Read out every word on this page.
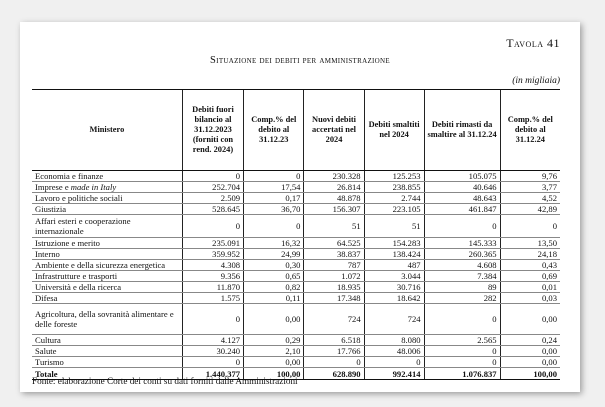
Tavola 41
Situazione dei debiti per amministrazione
(in migliaia)
Ministero	Debiti fuori bilancio al 31.12.2023 (forniti con rend. 2024)	Comp.% del debito al 31.12.23	Nuovi debiti accertati nel 2024	Debiti smaltiti nel 2024	Debiti rimasti da smaltire al 31.12.24	Comp.% del debito al 31.12.24
Economia e finanze	0	0	230.328	125.253	105.075	9,76
Imprese e made in Italy	252.704	17,54	26.814	238.855	40.646	3,77
Lavoro e politiche sociali	2.509	0,17	48.878	2.744	48.643	4,52
Giustizia	528.645	36,70	156.307	223.105	461.847	42,89
Affari esteri e cooperazione internazionale	0	0	51	51	0	0
Istruzione e merito	235.091	16,32	64.525	154.283	145.333	13,50
Interno	359.952	24,99	38.837	138.424	260.365	24,18
Ambiente e della sicurezza energetica	4.308	0,30	787	487	4.608	0,43
Infrastrutture e trasporti	9.356	0,65	1.072	3.044	7.384	0,69
Università e della ricerca	11.870	0,82	18.935	30.716	89	0,01
Difesa	1.575	0,11	17.348	18.642	282	0,03
Agricoltura, della sovranità alimentare e delle foreste	0	0,00	724	724	0	0,00
Cultura	4.127	0,29	6.518	8.080	2.565	0,24
Salute	30.240	2,10	17.766	48.006	0	0,00
Turismo	0	0,00	0	0	0	0,00
Totale	1.440.377	100,00	628.890	992.414	1.076.837	100,00
Fonte: elaborazione Corte dei conti su dati forniti dalle Amministrazioni
